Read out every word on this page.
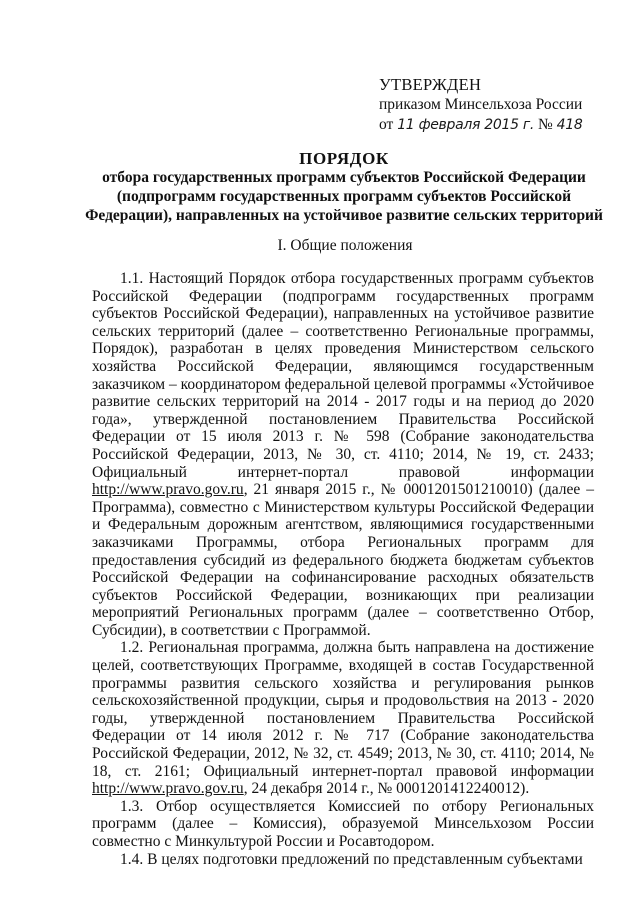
УТВЕРЖДЕН
приказом Минсельхоза России
от 11 февраля 2015 г. № 418
ПОРЯДОК
отбора государственных программ субъектов Российской Федерации
(подпрограмм государственных программ субъектов Российской
Федерации), направленных на устойчивое развитие сельских территорий
I. Общие положения

1.1. Настоящий Порядок отбора государственных программ субъектов Российской Федерации (подпрограмм государственных программ субъектов Российской Федерации), направленных на устойчивое развитие сельских территорий (далее – соответственно Региональные программы, Порядок), разработан в целях проведения Министерством сельского хозяйства Российской Федерации, являющимся государственным заказчиком – координатором федеральной целевой программы «Устойчивое развитие сельских территорий на 2014 - 2017 годы и на период до 2020 года», утвержденной постановлением Правительства Российской Федерации от 15 июля 2013 г. № 598 (Собрание законодательства Российской Федерации, 2013, № 30, ст. 4110; 2014, № 19, ст. 2433; Официальный интернет-портал правовой информации http://www.pravo.gov.ru, 21 января 2015 г., № 0001201501210010) (далее – Программа), совместно с Министерством культуры Российской Федерации и Федеральным дорожным агентством, являющимися государственными заказчиками Программы, отбора Региональных программ для предоставления субсидий из федерального бюджета бюджетам субъектов Российской Федерации на софинансирование расходных обязательств субъектов Российской Федерации, возникающих при реализации мероприятий Региональных программ (далее – соответственно Отбор, Субсидии), в соответствии с Программой.

1.2. Региональная программа, должна быть направлена на достижение целей, соответствующих Программе, входящей в состав Государственной программы развития сельского хозяйства и регулирования рынков сельскохозяйственной продукции, сырья и продовольствия на 2013 - 2020 годы, утвержденной постановлением Правительства Российской Федерации от 14 июля 2012 г. № 717 (Собрание законодательства Российской Федерации, 2012, № 32, ст. 4549; 2013, № 30, ст. 4110; 2014, № 18, ст. 2161; Официальный интернет-портал правовой информации http://www.pravo.gov.ru, 24 декабря 2014 г., № 0001201412240012).

1.3. Отбор осуществляется Комиссией по отбору Региональных программ (далее – Комиссия), образуемой Минсельхозом России совместно с Минкультурой России и Росавтодором.

1.4. В целях подготовки предложений по представленным субъектами
